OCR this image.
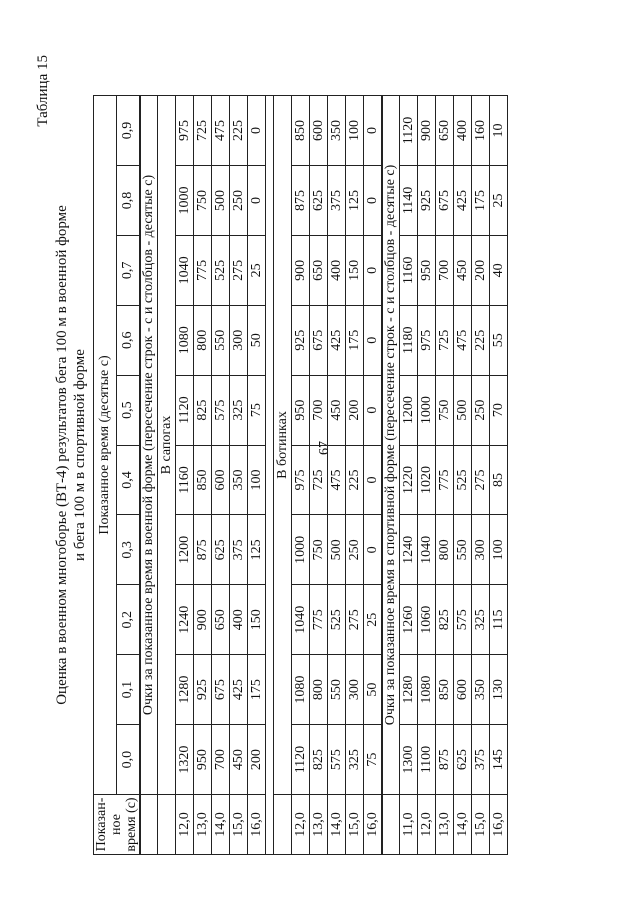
67
Таблица 15
Оценка в военном многоборье (ВТ-4) результатов бега 100 м в военной форме и бега 100 м в спортивной форме
Показан-ное время (с)	Показанное время (десятые с)									
	0,0	0,1	0,2	0,3	0,4	0,5	0,6	0,7	0,8	0,9
	Очки за показанное время в военной форме (пересечение строк - с и столбцов - десятые с)									
	В сапогах									
12,0	1320	1280	1240	1200	1160	1120	1080	1040	1000	975
13,0	950	925	900	875	850	825	800	775	750	725
14,0	700	675	650	625	600	575	550	525	500	475
15,0	450	425	400	375	350	325	300	275	250	225
16,0	200	175	150	125	100	75	50	25	0	0

	В ботинках									
12,0	1120	1080	1040	1000	975	950	925	900	875	850
13,0	825	800	775	750	725	700	675	650	625	600
14,0	575	550	525	500	475	450	425	400	375	350
15,0	325	300	275	250	225	200	175	150	125	100
16,0	75	50	25	0	0	0	0	0	0	0
	Очки за показанное время в спортивной форме (пересечение строк - с и столбцов - десятые с)									
11,0	1300	1280	1260	1240	1220	1200	1180	1160	1140	1120
12,0	1100	1080	1060	1040	1020	1000	975	950	925	900
13,0	875	850	825	800	775	750	725	700	675	650
14,0	625	600	575	550	525	500	475	450	425	400
15,0	375	350	325	300	275	250	225	200	175	160
16,0	145	130	115	100	85	70	55	40	25	10
